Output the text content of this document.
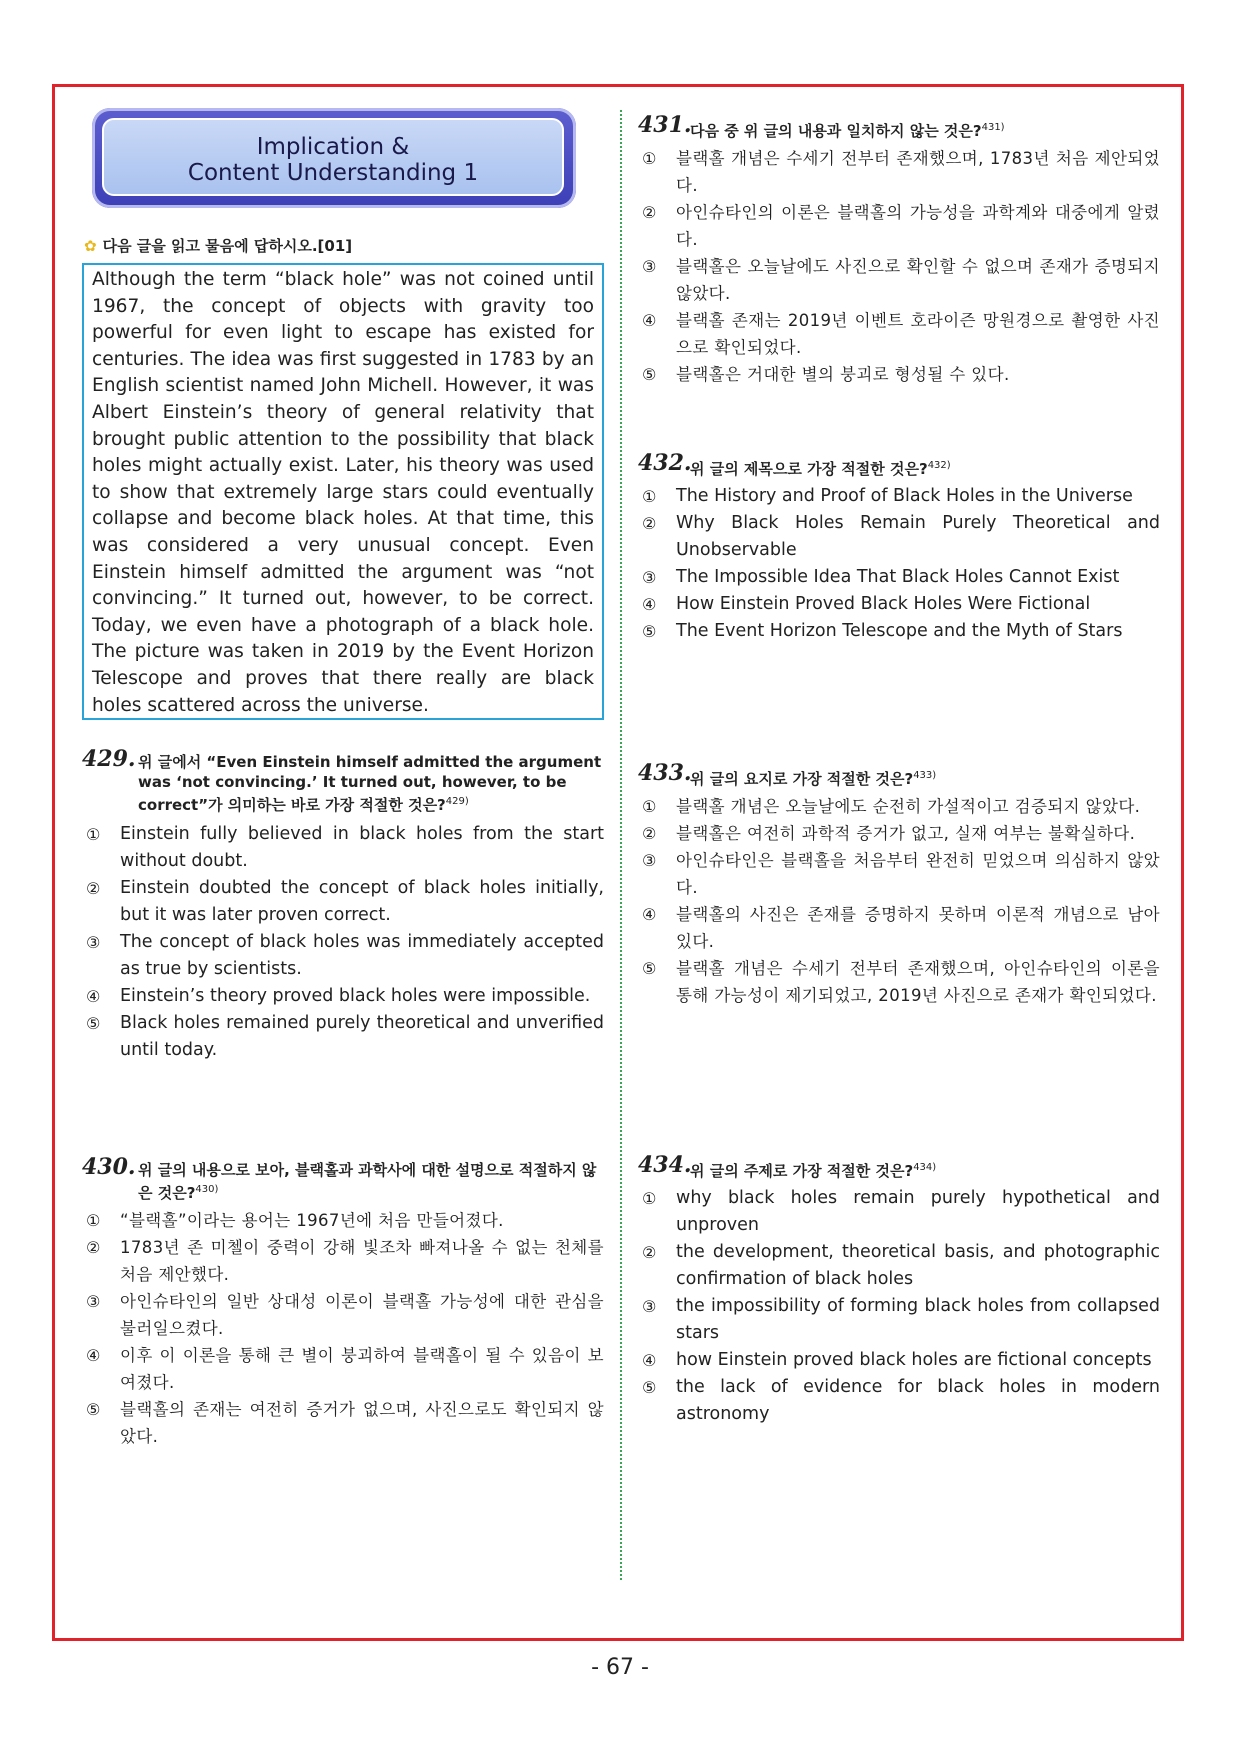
Implication &
Content Understanding 1
✿ 다음 글을 읽고 물음에 답하시오.[01]
Although the term “black hole” was not coined until 1967, the concept of objects with gravity too powerful for even light to escape has existed for centuries. The idea was first suggested in 1783 by an English scientist named John Michell. However, it was Albert Einstein’s theory of general relativity that brought public attention to the possibility that black holes might actually exist. Later, his theory was used to show that extremely large stars could eventually collapse and become black holes. At that time, this was considered a very unusual concept. Even Einstein himself admitted the argument was “not convincing.” It turned out, however, to be correct. Today, we even have a photograph of a black hole. The picture was taken in 2019 by the Event Horizon Telescope and proves that there really are black holes scattered across the universe.
429. 위 글에서 “Even Einstein himself admitted the argument was ‘not convincing.’ It turned out, however, to be correct”가 의미하는 바로 가장 적절한 것은?$^{429)}$
① Einstein fully believed in black holes from the start without doubt.
② Einstein doubted the concept of black holes initially, but it was later proven correct.
③ The concept of black holes was immediately accepted as true by scientists.
④ Einstein’s theory proved black holes were impossible.
⑤ Black holes remained purely theoretical and unverified until today.
430. 위 글의 내용으로 보아, 블랙홀과 과학사에 대한 설명으로 적절하지 않은 것은?$^{430)}$
① “블랙홀”이라는 용어는 1967년에 처음 만들어졌다.
② 1783년 존 미첼이 중력이 강해 빛조차 빠져나올 수 없는 천체를 처음 제안했다.
③ 아인슈타인의 일반 상대성 이론이 블랙홀 가능성에 대한 관심을 불러일으켰다.
④ 이후 이 이론을 통해 큰 별이 붕괴하여 블랙홀이 될 수 있음이 보여졌다.
⑤ 블랙홀의 존재는 여전히 증거가 없으며, 사진으로도 확인되지 않았다.
431.
다음 중 위 글의 내용과 일치하지 않는 것은?$^{431)}$
① 블랙홀 개념은 수세기 전부터 존재했으며, 1783년 처음 제안되었다.
② 아인슈타인의 이론은 블랙홀의 가능성을 과학계와 대중에게 알렸다.
③ 블랙홀은 오늘날에도 사진으로 확인할 수 없으며 존재가 증명되지 않았다.
④ 블랙홀 존재는 2019년 이벤트 호라이즌 망원경으로 촬영한 사진으로 확인되었다.
⑤ 블랙홀은 거대한 별의 붕괴로 형성될 수 있다.
432.
위 글의 제목으로 가장 적절한 것은?$^{432)}$
① The History and Proof of Black Holes in the Universe
② Why Black Holes Remain Purely Theoretical and Unobservable
③ The Impossible Idea That Black Holes Cannot Exist
④ How Einstein Proved Black Holes Were Fictional
⑤ The Event Horizon Telescope and the Myth of Stars
433.
위 글의 요지로 가장 적절한 것은?$^{433)}$
① 블랙홀 개념은 오늘날에도 순전히 가설적이고 검증되지 않았다.
② 블랙홀은 여전히 과학적 증거가 없고, 실재 여부는 불확실하다.
③ 아인슈타인은 블랙홀을 처음부터 완전히 믿었으며 의심하지 않았다.
④ 블랙홀의 사진은 존재를 증명하지 못하며 이론적 개념으로 남아 있다.
⑤ 블랙홀 개념은 수세기 전부터 존재했으며, 아인슈타인의 이론을 통해 가능성이 제기되었고, 2019년 사진으로 존재가 확인되었다.
434.
위 글의 주제로 가장 적절한 것은?$^{434)}$
① why black holes remain purely hypothetical and unproven
② the development, theoretical basis, and photographic confirmation of black holes
③ the impossibility of forming black holes from collapsed stars
④ how Einstein proved black holes are fictional concepts
⑤ the lack of evidence for black holes in modern astronomy
- 67 -
